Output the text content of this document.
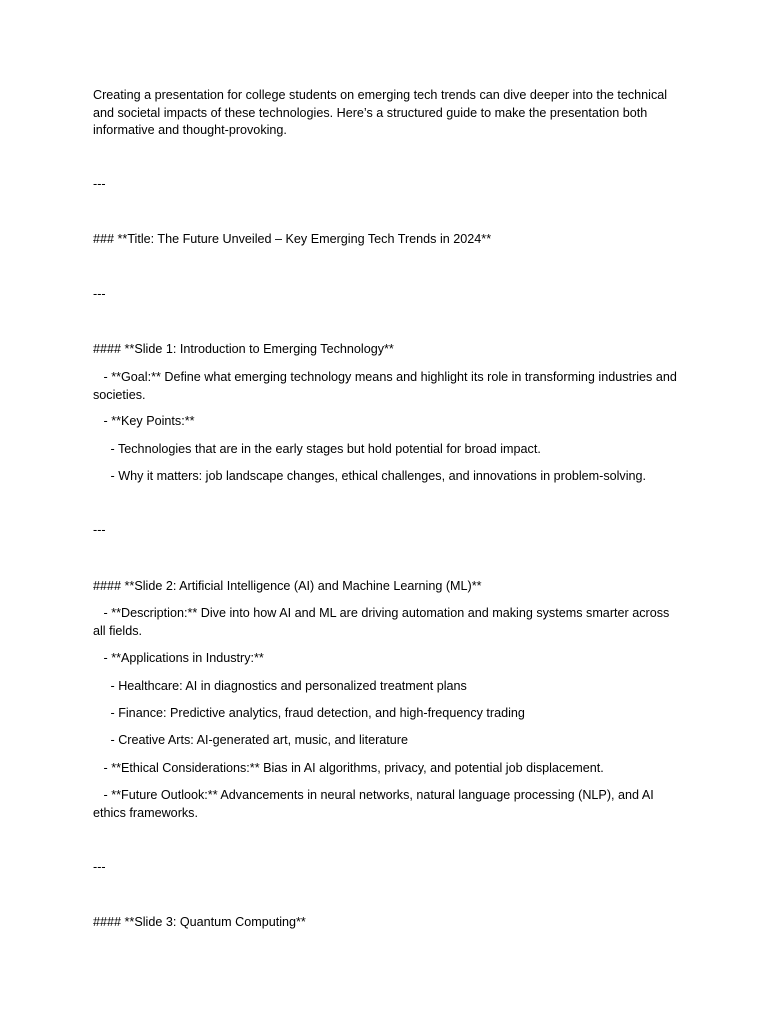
Creating a presentation for college students on emerging tech trends can dive deeper into the technical and societal impacts of these technologies. Here’s a structured guide to make the presentation both informative and thought-provoking.
---
### **Title: The Future Unveiled – Key Emerging Tech Trends in 2024**
---
#### **Slide 1: Introduction to Emerging Technology**
- **Goal:** Define what emerging technology means and highlight its role in transforming industries and societies.
- **Key Points:**
- Technologies that are in the early stages but hold potential for broad impact.
- Why it matters: job landscape changes, ethical challenges, and innovations in problem-solving.
---
#### **Slide 2: Artificial Intelligence (AI) and Machine Learning (ML)**
- **Description:** Dive into how AI and ML are driving automation and making systems smarter across all fields.
- **Applications in Industry:**
- Healthcare: AI in diagnostics and personalized treatment plans
- Finance: Predictive analytics, fraud detection, and high-frequency trading
- Creative Arts: AI-generated art, music, and literature
- **Ethical Considerations:** Bias in AI algorithms, privacy, and potential job displacement.
- **Future Outlook:** Advancements in neural networks, natural language processing (NLP), and AI ethics frameworks.
---
#### **Slide 3: Quantum Computing**
